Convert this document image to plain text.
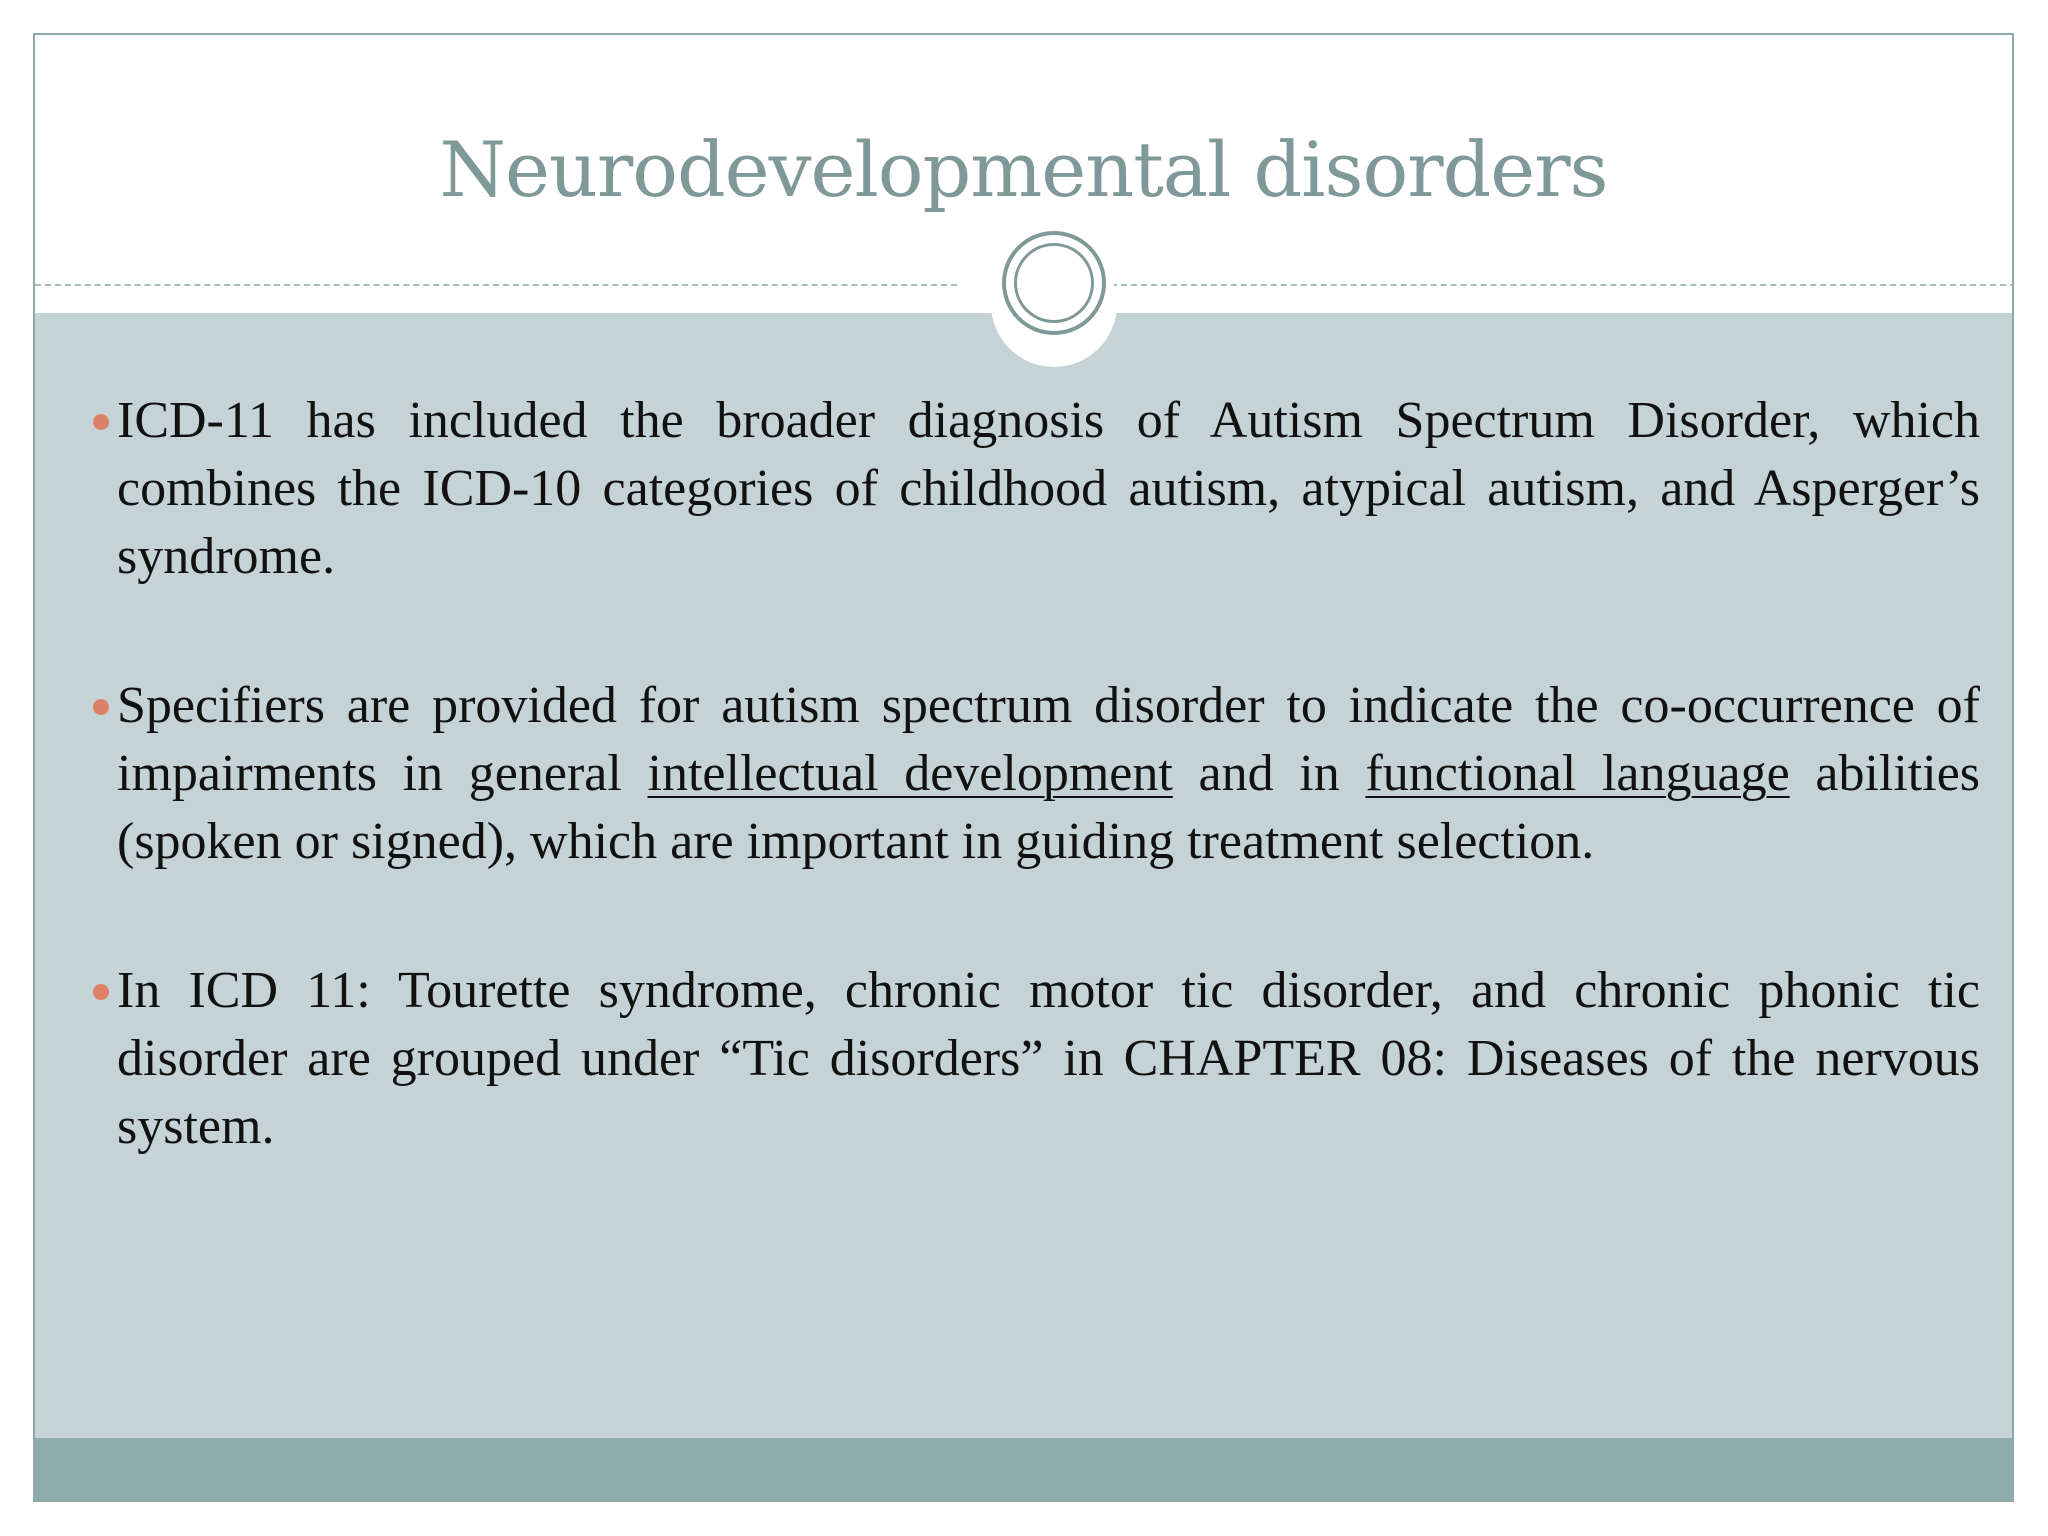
Neurodevelopmental disorders
ICD-11 has included the broader diagnosis of Autism Spectrum Disorder, which combines the ICD-10 categories of childhood autism, atypical autism, and Asperger’s syndrome.
Specifiers are provided for autism spectrum disorder to indicate the co-occurrence of impairments in general intellectual development and in functional language abilities (spoken or signed), which are important in guiding treatment selection.
In ICD 11: Tourette syndrome, chronic motor tic disorder, and chronic phonic tic disorder are grouped under “Tic disorders” in CHAPTER 08: Diseases of the nervous system.
